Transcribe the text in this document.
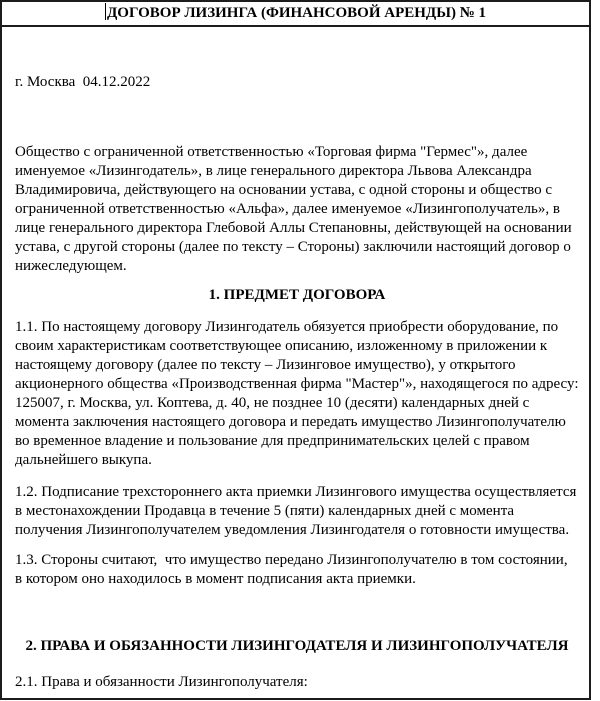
ДОГОВОР ЛИЗИНГА (ФИНАНСОВОЙ АРЕНДЫ) № 1

г. Москва  04.12.2022

Общество с ограниченной ответственностью «Торговая фирма "Гермес"», далее именуемое «Лизингодатель», в лице генерального директора Львова Александра Владимировича, действующего на основании устава, с одной стороны и общество с ограниченной ответственностью «Альфа», далее именуемое «Лизингополучатель», в лице генерального директора Глебовой Аллы Степановны, действующей на основании устава, с другой стороны (далее по тексту – Стороны) заключили настоящий договор о нижеследующем.

1. ПРЕДМЕТ ДОГОВОРА

1.1. По настоящему договору Лизингодатель обязуется приобрести оборудование, по своим характеристикам соответствующее описанию, изложенному в приложении к настоящему договору (далее по тексту – Лизинговое имущество), у открытого акционерного общества «Производственная фирма "Мастер"», находящегося по адресу: 125007, г. Москва, ул. Коптева, д. 40, не позднее 10 (десяти) календарных дней с момента заключения настоящего договора и передать имущество Лизингополучателю во временное владение и пользование для предпринимательских целей с правом дальнейшего выкупа.

1.2. Подписание трехстороннего акта приемки Лизингового имущества осуществляется в местонахождении Продавца в течение 5 (пяти) календарных дней с момента получения Лизингополучателем уведомления Лизингодателя о готовности имущества.

1.3. Стороны считают,  что имущество передано Лизингополучателю в том состоянии,  в котором оно находилось в момент подписания акта приемки.

2. ПРАВА И ОБЯЗАННОСТИ ЛИЗИНГОДАТЕЛЯ И ЛИЗИНГОПОЛУЧАТЕЛЯ

2.1. Права и обязанности Лизингополучателя:
